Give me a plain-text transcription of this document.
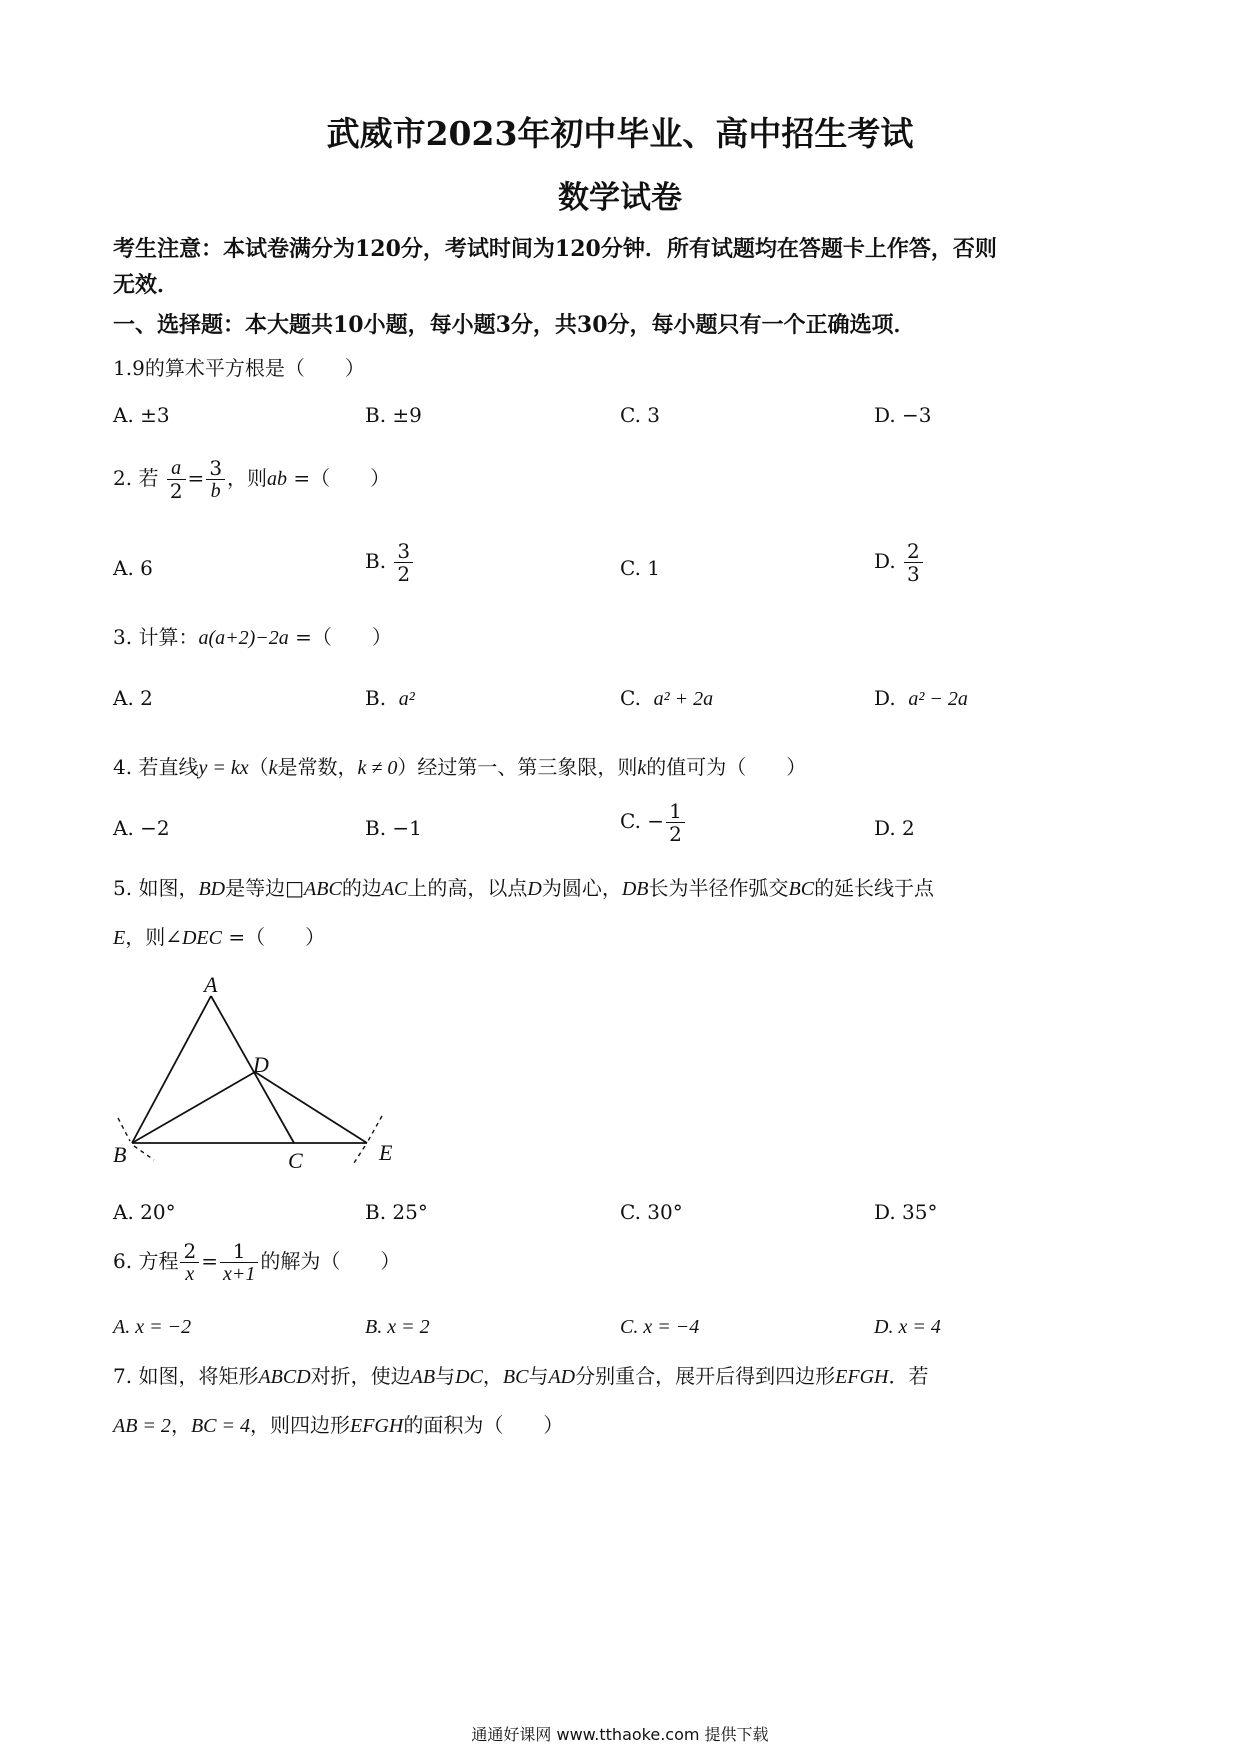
武威市2023年初中毕业、高中招生考试
数学试卷
考生注意：本试卷满分为120分，考试时间为120分钟．所有试题均在答题卡上作答，否则
无效．
一、选择题：本大题共10小题，每小题3分，共30分，每小题只有一个正确选项．
1.9的算术平方根是（　　）
A. ±3	B. ±9	C. 3	D. −3
2. 若 $\frac{a}{2} = \frac{3}{b}$ ，则ab =（　　）
A. 6	B. $\frac{3}{2}$	C. 1	D. $\frac{2}{3}$
3. 计算：a(a+2)−2a =（　　）
A. 2	B. a²	C. a² + 2a	D. a² − 2a
4. 若直线y = kx（k是常数，k ≠ 0）经过第一、第三象限，则k的值可为（　　）
A. −2	B. −1	C. − $\frac{1}{2}$	D. 2
5. 如图，BD是等边□ABC的边AC上的高，以点D为圆心，DB长为半径作弧交BC的延长线于点
E，则∠DEC =（　　）
A
D
B	C	E
A. 20°	B. 25°	C. 30°	D. 35°
6. 方程 $\frac{2}{x} = \frac{1}{x+1}$ 的解为（　　）
A. x = −2	B. x = 2	C. x = −4	D. x = 4
7. 如图，将矩形ABCD对折，使边AB与DC，BC与AD分别重合，展开后得到四边形EFGH．若
AB = 2，BC = 4，则四边形EFGH的面积为（　　）
通通好课网 www.tthaoke.com 提供下载
